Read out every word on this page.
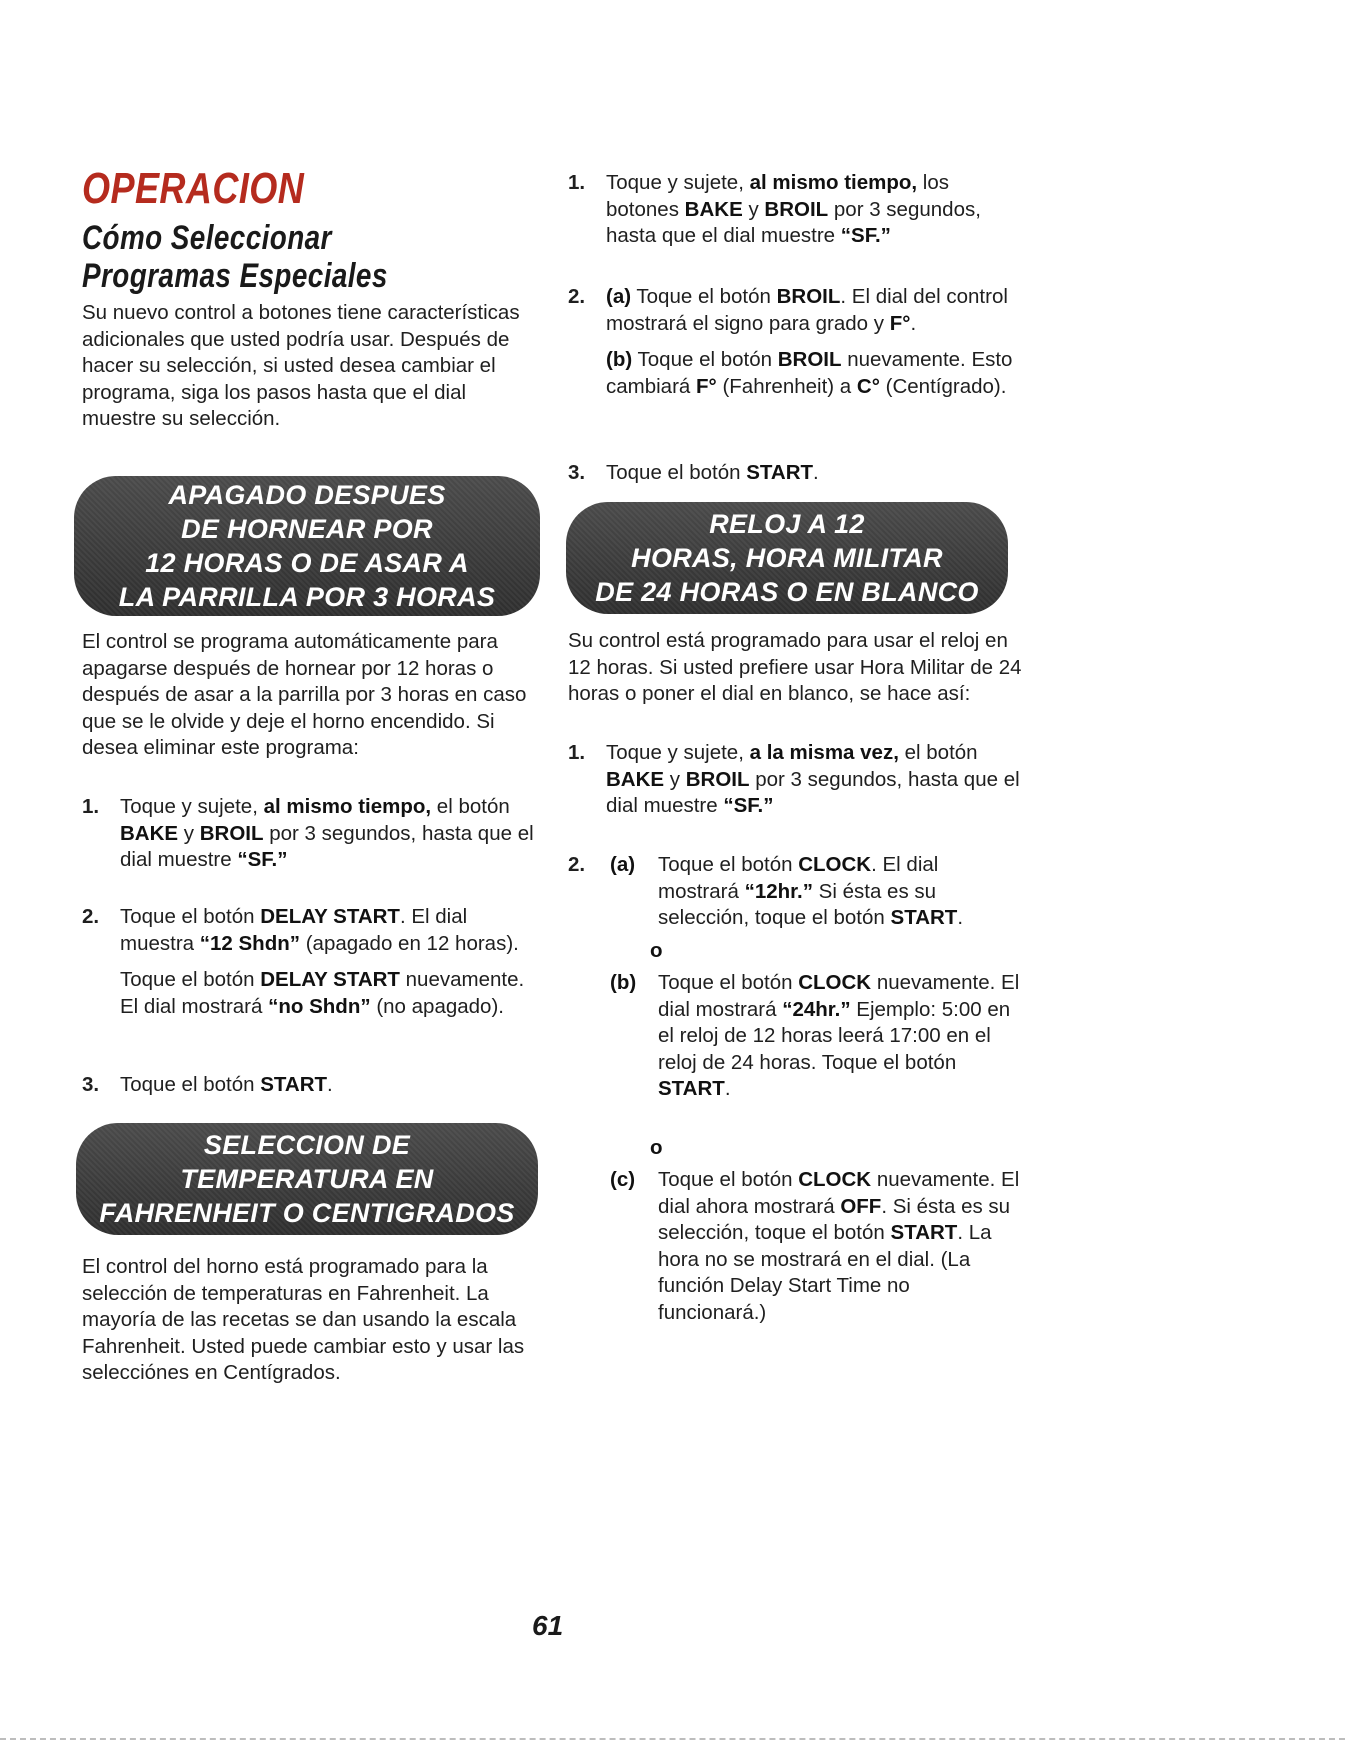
OPERACION
Cómo Seleccionar
Programas Especiales

Su nuevo control a botones tiene características adicionales que usted podría usar. Después de hacer su selección, si usted desea cambiar el programa, siga los pasos hasta que el dial muestre su selección.

APAGADO DESPUES
DE HORNEAR POR
12 HORAS O DE ASAR A
LA PARRILLA POR 3 HORAS

El control se programa automáticamente para apagarse después de hornear por 12 horas o después de asar a la parrilla por 3 horas en caso que se le olvide y deje el horno encendido. Si desea eliminar este programa:

1. Toque y sujete, al mismo tiempo, el botón BAKE y BROIL por 3 segundos, hasta que el dial muestre “SF.”
2. Toque el botón DELAY START. El dial muestra “12 Shdn” (apagado en 12 horas).
Toque el botón DELAY START nuevamente. El dial mostrará “no Shdn” (no apagado).
3. Toque el botón START.
SELECCION DE
TEMPERATURA EN
FAHRENHEIT O CENTIGRADOS

El control del horno está programado para la selección de temperaturas en Fahrenheit. La mayoría de las recetas se dan usando la escala Fahrenheit. Usted puede cambiar esto y usar las selecciónes en Centígrados.

1. Toque y sujete, al mismo tiempo, los botones BAKE y BROIL por 3 segundos, hasta que el dial muestre “SF.”
2. (a) Toque el botón BROIL. El dial del control mostrará el signo para grado y F°.
(b) Toque el botón BROIL nuevamente. Esto cambiará F° (Fahrenheit) a C° (Centígrado).
3. Toque el botón START.
RELOJ A 12
HORAS, HORA MILITAR
DE 24 HORAS O EN BLANCO

Su control está programado para usar el reloj en 12 horas. Si usted prefiere usar Hora Militar de 24 horas o poner el dial en blanco, se hace así:

1. Toque y sujete, a la misma vez, el botón BAKE y BROIL por 3 segundos, hasta que el dial muestre “SF.”
2. (a) Toque el botón CLOCK. El dial mostrará “12hr.” Si ésta es su selección, toque el botón START.
o
(b) Toque el botón CLOCK nuevamente. El dial mostrará “24hr.” Ejemplo: 5:00 en el reloj de 12 horas leerá 17:00 en el reloj de 24 horas. Toque el botón START.
o
(c) Toque el botón CLOCK nuevamente. El dial ahora mostrará OFF. Si ésta es su selección, toque el botón START. La hora no se mostrará en el dial. (La función Delay Start Time no funcionará.)
61
